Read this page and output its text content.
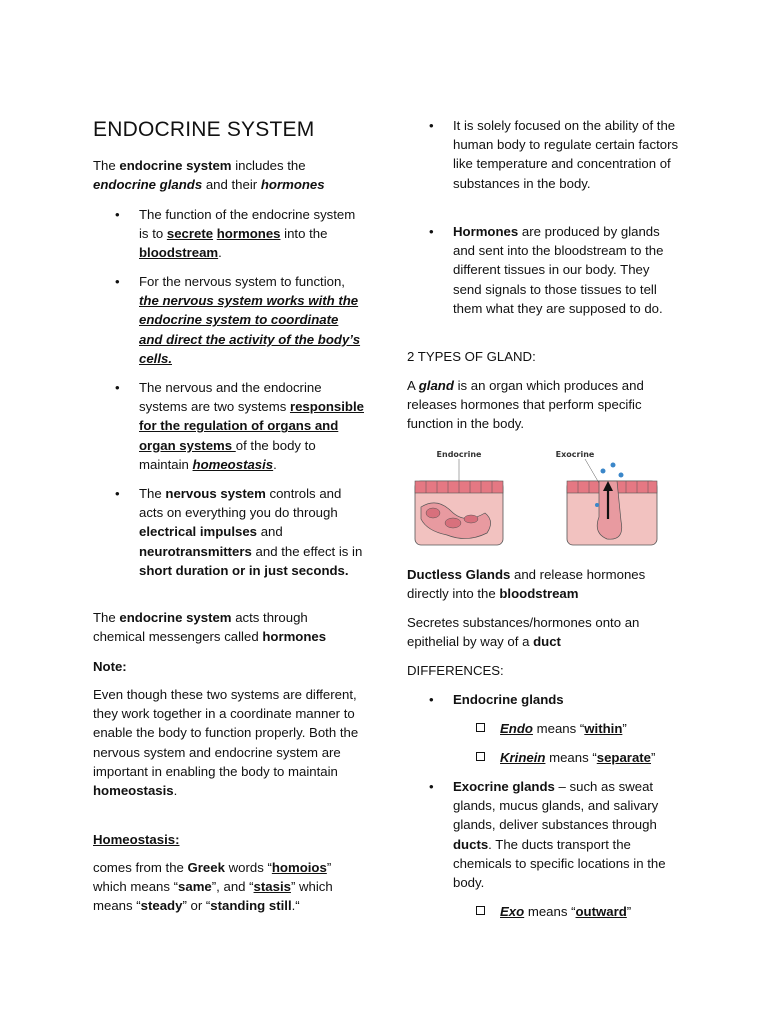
ENDOCRINE SYSTEM

The endocrine system includes the endocrine glands and their hormones

• The function of the endocrine system is to secrete hormones into the bloodstream.
• For the nervous system to function, the nervous system works with the endocrine system to coordinate and direct the activity of the body’s cells.
• The nervous and the endocrine systems are two systems responsible for the regulation of organs and organ systems of the body to maintain homeostasis.
• The nervous system controls and acts on everything you do through electrical impulses and neurotransmitters and the effect is in short duration or in just seconds.

The endocrine system acts through chemical messengers called hormones

Note:

Even though these two systems are different, they work together in a coordinate manner to enable the body to function properly. Both the nervous system and endocrine system are important in enabling the body to maintain homeostasis.

Homeostasis:

comes from the Greek words “homoios” which means “same”, and “stasis” which means “steady” or “standing still.“

• It is solely focused on the ability of the human body to regulate certain factors like temperature and concentration of substances in the body.
• Hormones are produced by glands and sent into the bloodstream to the different tissues in our body. They send signals to those tissues to tell them what they are supposed to do.

2 TYPES OF GLAND:

A gland is an organ which produces and releases hormones that perform specific function in the body.

Endocrine	Exocrine

Ductless Glands and release hormones directly into the bloodstream

Secretes substances/hormones onto an epithelial by way of a duct

DIFFERENCES:

• Endocrine glands
Endo means “within”
Krinein means “separate”
• Exocrine glands – such as sweat glands, mucus glands, and salivary glands, deliver substances through ducts. The ducts transport the chemicals to specific locations in the body.
Exo means “outward”
